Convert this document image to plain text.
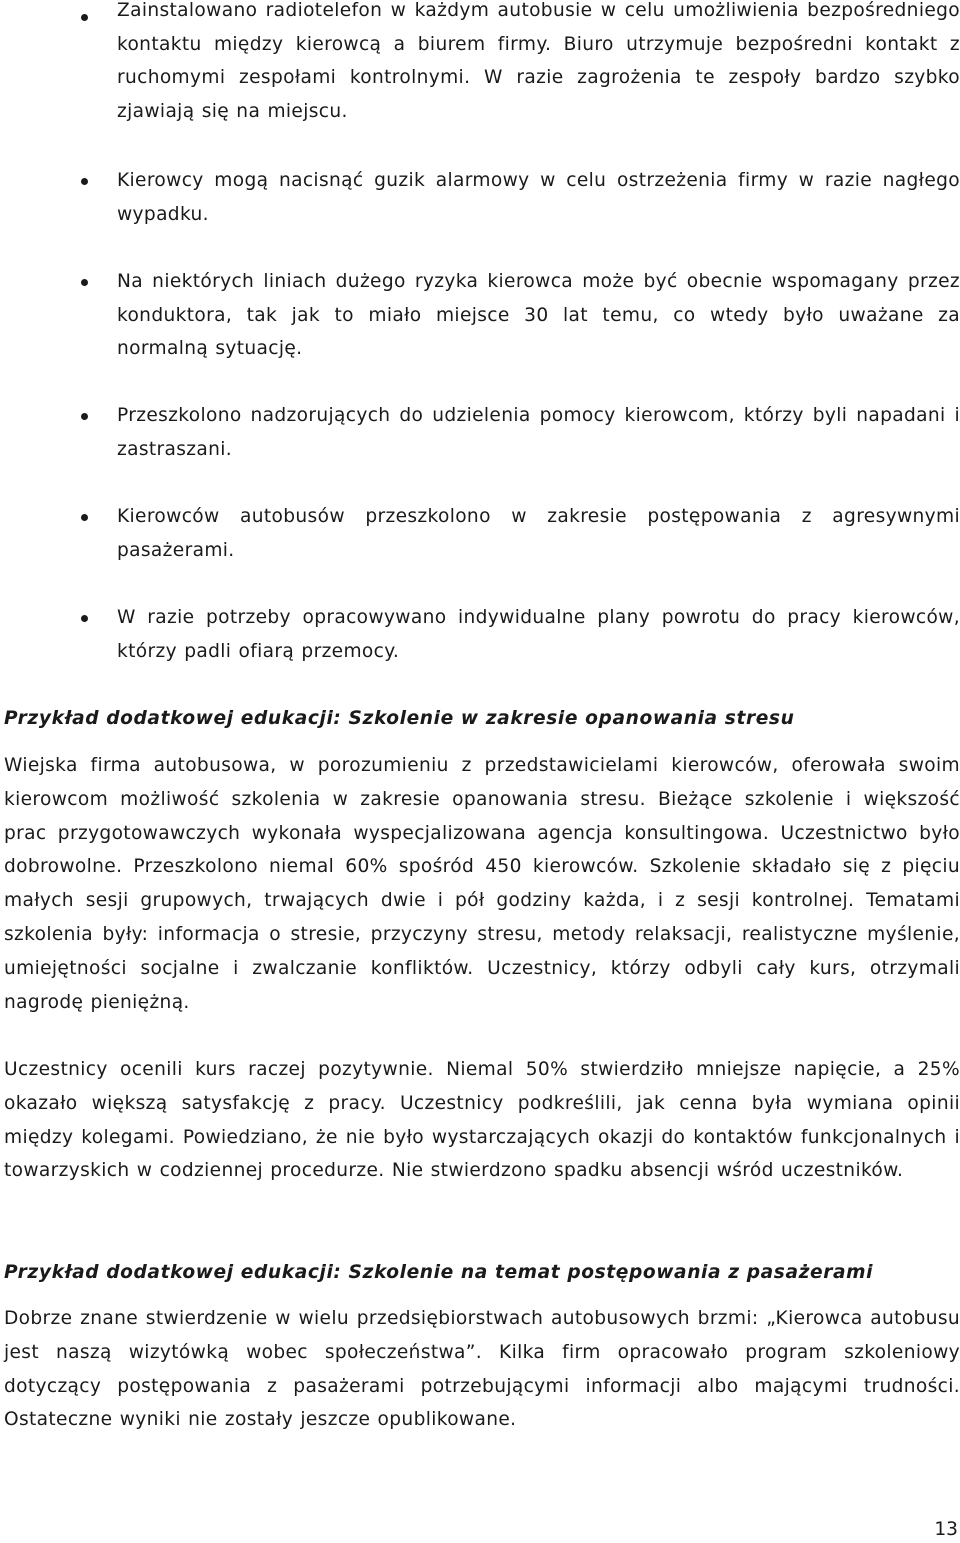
Zainstalowano radiotelefon w każdym autobusie w celu umożliwienia bezpośredniego kontaktu między kierowcą a biurem firmy. Biuro utrzymuje bezpośredni kontakt z ruchomymi zespołami kontrolnymi. W razie zagrożenia te zespoły bardzo szybko zjawiają się na miejscu.

Kierowcy mogą nacisnąć guzik alarmowy w celu ostrzeżenia firmy w razie nagłego wypadku.

Na niektórych liniach dużego ryzyka kierowca może być obecnie wspomagany przez konduktora, tak jak to miało miejsce 30 lat temu, co wtedy było uważane za normalną sytuację.

Przeszkolono nadzorujących do udzielenia pomocy kierowcom, którzy byli napadani i zastraszani.

Kierowców autobusów przeszkolono w zakresie postępowania z agresywnymi pasażerami.

W razie potrzeby opracowywano indywidualne plany powrotu do pracy kierowców, którzy padli ofiarą przemocy.

Przykład dodatkowej edukacji: Szkolenie w zakresie opanowania stresu

Wiejska firma autobusowa, w porozumieniu z przedstawicielami kierowców, oferowała swoim kierowcom możliwość szkolenia w zakresie opanowania stresu. Bieżące szkolenie i większość prac przygotowawczych wykonała wyspecjalizowana agencja konsultingowa. Uczestnictwo było dobrowolne. Przeszkolono niemal 60% spośród 450 kierowców. Szkolenie składało się z pięciu małych sesji grupowych, trwających dwie i pół godziny każda, i z sesji kontrolnej. Tematami szkolenia były: informacja o stresie, przyczyny stresu, metody relaksacji, realistyczne myślenie, umiejętności socjalne i zwalczanie konfliktów. Uczestnicy, którzy odbyli cały kurs, otrzymali nagrodę pieniężną.

Uczestnicy ocenili kurs raczej pozytywnie. Niemal 50% stwierdziło mniejsze napięcie, a 25% okazało większą satysfakcję z pracy. Uczestnicy podkreślili, jak cenna była wymiana opinii między kolegami. Powiedziano, że nie było wystarczających okazji do kontaktów funkcjonalnych i towarzyskich w codziennej procedurze. Nie stwierdzono spadku absencji wśród uczestników.

Przykład dodatkowej edukacji: Szkolenie na temat postępowania z pasażerami

Dobrze znane stwierdzenie w wielu przedsiębiorstwach autobusowych brzmi: „Kierowca autobusu jest naszą wizytówką wobec społeczeństwa”. Kilka firm opracowało program szkoleniowy dotyczący postępowania z pasażerami potrzebującymi informacji albo mającymi trudności. Ostateczne wyniki nie zostały jeszcze opublikowane.

13
